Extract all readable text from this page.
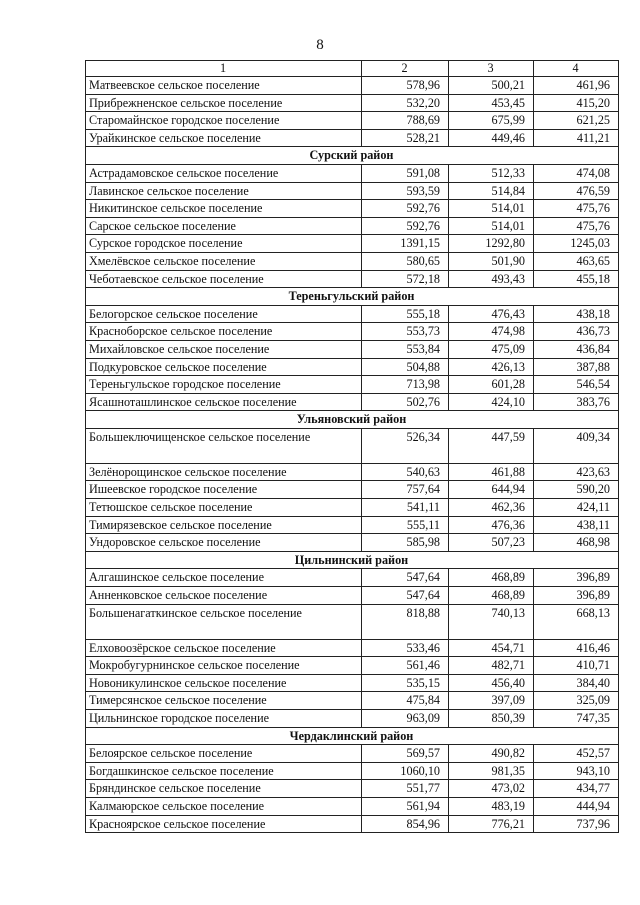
8
1	2	3	4
Матвеевское сельское поселение	578,96	500,21	461,96
Прибрежненское сельское поселение	532,20	453,45	415,20
Старомайнское городское поселение	788,69	675,99	621,25
Урайкинское сельское поселение	528,21	449,46	411,21
Сурский район			
Астрадамовское сельское поселение	591,08	512,33	474,08
Лавинское сельское поселение	593,59	514,84	476,59
Никитинское сельское поселение	592,76	514,01	475,76
Сарское сельское поселение	592,76	514,01	475,76
Сурское городское поселение	1391,15	1292,80	1245,03
Хмелёвское сельское поселение	580,65	501,90	463,65
Чеботаевское сельское поселение	572,18	493,43	455,18
Тереньгульский район			
Белогорское сельское поселение	555,18	476,43	438,18
Красноборское сельское поселение	553,73	474,98	436,73
Михайловское сельское поселение	553,84	475,09	436,84
Подкуровское сельское поселение	504,88	426,13	387,88
Тереньгульское городское поселение	713,98	601,28	546,54
Ясашноташлинское сельское поселение	502,76	424,10	383,76
Ульяновский район			
Большеключищенское сельское поселение	526,34	447,59	409,34
Зелёнорощинское сельское поселение	540,63	461,88	423,63
Ишеевское городское поселение	757,64	644,94	590,20
Тетюшское сельское поселение	541,11	462,36	424,11
Тимирязевское сельское поселение	555,11	476,36	438,11
Ундоровское сельское поселение	585,98	507,23	468,98
Цильнинский район			
Алгашинское сельское поселение	547,64	468,89	396,89
Анненковское сельское поселение	547,64	468,89	396,89
Большенагаткинское сельское поселение	818,88	740,13	668,13
Елховоозёрское сельское поселение	533,46	454,71	416,46
Мокробугурнинское сельское поселение	561,46	482,71	410,71
Новоникулинское сельское поселение	535,15	456,40	384,40
Тимерсянское сельское поселение	475,84	397,09	325,09
Цильнинское городское поселение	963,09	850,39	747,35
Чердаклинский район			
Белоярское сельское поселение	569,57	490,82	452,57
Богдашкинское сельское поселение	1060,10	981,35	943,10
Бряндинское сельское поселение	551,77	473,02	434,77
Калмаюрское сельское поселение	561,94	483,19	444,94
Красноярское сельское поселение	854,96	776,21	737,96
